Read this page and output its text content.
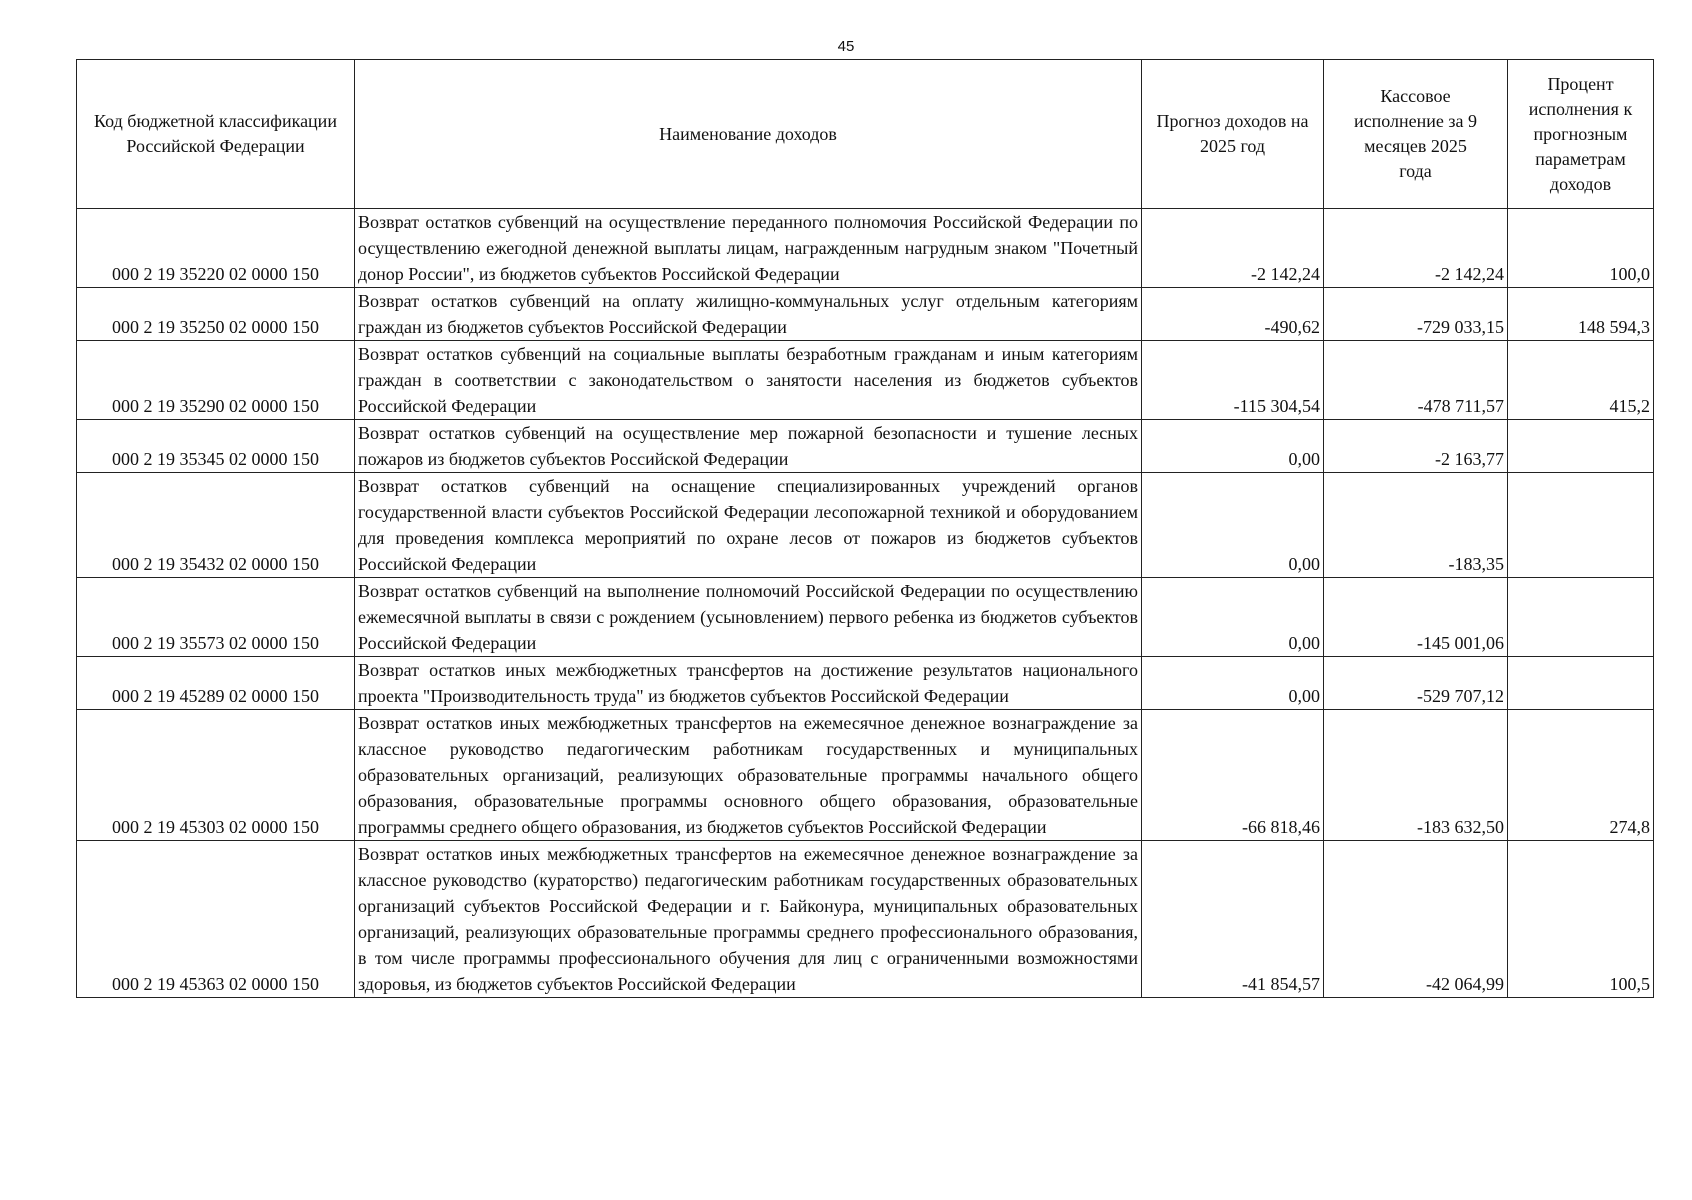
45
Код бюджетной классификации Российской Федерации	Наименование доходов	Прогноз доходов на 2025 год	Кассовое исполнение за 9 месяцев 2025 года	Процент исполнения к прогнозным параметрам доходов
000 2 19 35220 02 0000 150	Возврат остатков субвенций на осуществление переданного полномочия Российской Федерации по осуществлению ежегодной денежной выплаты лицам, награжденным нагрудным знаком "Почетный донор России", из бюджетов субъектов Российской Федерации	-2 142,24	-2 142,24	100,0
000 2 19 35250 02 0000 150	Возврат остатков субвенций на оплату жилищно-коммунальных услуг отдельным категориям граждан из бюджетов субъектов Российской Федерации	-490,62	-729 033,15	148 594,3
000 2 19 35290 02 0000 150	Возврат остатков субвенций на социальные выплаты безработным гражданам и иным категориям граждан в соответствии с законодательством о занятости населения из бюджетов субъектов Российской Федерации	-115 304,54	-478 711,57	415,2
000 2 19 35345 02 0000 150	Возврат остатков субвенций на осуществление мер пожарной безопасности и тушение лесных пожаров из бюджетов субъектов Российской Федерации	0,00	-2 163,77	
000 2 19 35432 02 0000 150	Возврат остатков субвенций на оснащение специализированных учреждений органов государственной власти субъектов Российской Федерации лесопожарной техникой и оборудованием для проведения комплекса мероприятий по охране лесов от пожаров из бюджетов субъектов Российской Федерации	0,00	-183,35	
000 2 19 35573 02 0000 150	Возврат остатков субвенций на выполнение полномочий Российской Федерации по осуществлению ежемесячной выплаты в связи с рождением (усыновлением) первого ребенка из бюджетов субъектов Российской Федерации	0,00	-145 001,06	
000 2 19 45289 02 0000 150	Возврат остатков иных межбюджетных трансфертов на достижение результатов национального проекта "Производительность труда" из бюджетов субъектов Российской Федерации	0,00	-529 707,12	
000 2 19 45303 02 0000 150	Возврат остатков иных межбюджетных трансфертов на ежемесячное денежное вознаграждение за классное руководство педагогическим работникам государственных и муниципальных образовательных организаций, реализующих образовательные программы начального общего образования, образовательные программы основного общего образования, образовательные программы среднего общего образования, из бюджетов субъектов Российской Федерации	-66 818,46	-183 632,50	274,8
000 2 19 45363 02 0000 150	Возврат остатков иных межбюджетных трансфертов на ежемесячное денежное вознаграждение за классное руководство (кураторство) педагогическим работникам государственных образовательных организаций субъектов Российской Федерации и г. Байконура, муниципальных образовательных организаций, реализующих образовательные программы среднего профессионального образования, в том числе программы профессионального обучения для лиц с ограниченными возможностями здоровья, из бюджетов субъектов Российской Федерации	-41 854,57	-42 064,99	100,5
